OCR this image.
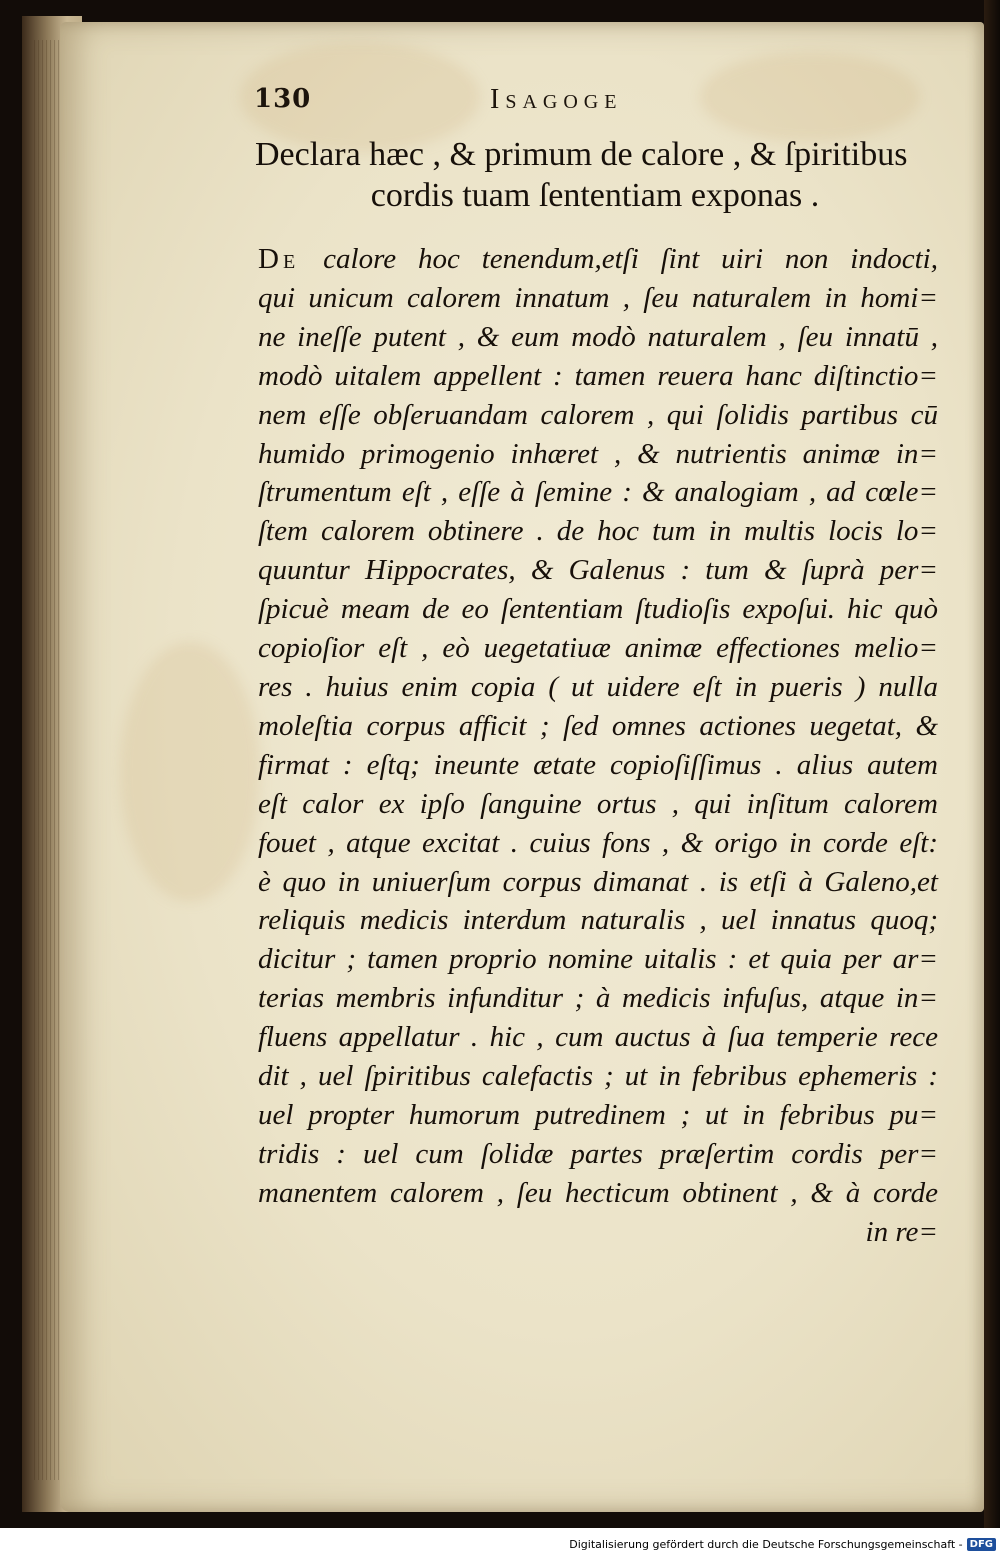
130	Isagoge
Declara hæc , & primum de calore , & ſpiritibus
cordis tuam ſententiam exponas .
De calore hoc tenendum,etſi ſint uiri non indocti,
qui unicum calorem innatum , ſeu naturalem in homi=
ne ineſſe putent , & eum modò naturalem , ſeu innatū ,
modò uitalem appellent : tamen reuera hanc diſtinctio=
nem eſſe obſeruandam calorem , qui ſolidis partibus cū
humido primogenio inhæret , & nutrientis animæ in=
ſtrumentum eſt , eſſe à ſemine : & analogiam , ad cœle=
ſtem calorem obtinere . de hoc tum in multis locis lo=
quuntur Hippocrates, & Galenus : tum & ſuprà per=
ſpicuè meam de eo ſententiam ſtudioſis expoſui. hic quò
copioſior eſt , eò uegetatiuæ animæ effectiones melio=
res . huius enim copia ( ut uidere eſt in pueris ) nulla
moleſtia corpus afficit ; ſed omnes actiones uegetat, &
firmat : eſtq; ineunte ætate copioſiſſimus . alius autem
eſt calor ex ipſo ſanguine ortus , qui inſitum calorem
fouet , atque excitat . cuius fons , & origo in corde eſt:
è quo in uniuerſum corpus dimanat . is etſi à Galeno,et
reliquis medicis interdum naturalis , uel innatus quoq;
dicitur ; tamen proprio nomine uitalis : et quia per ar=
terias membris infunditur ; à medicis infuſus, atque in=
fluens appellatur . hic , cum auctus à ſua temperie rece
dit , uel ſpiritibus calefactis ; ut in febribus ephemeris :
uel propter humorum putredinem ; ut in febribus pu=
tridis : uel cum ſolidæ partes præſertim cordis per=
manentem calorem , ſeu hecticum obtinent , & à corde
in re=
Digitalisierung gefördert durch die Deutsche Forschungsgemeinschaft - DFG
